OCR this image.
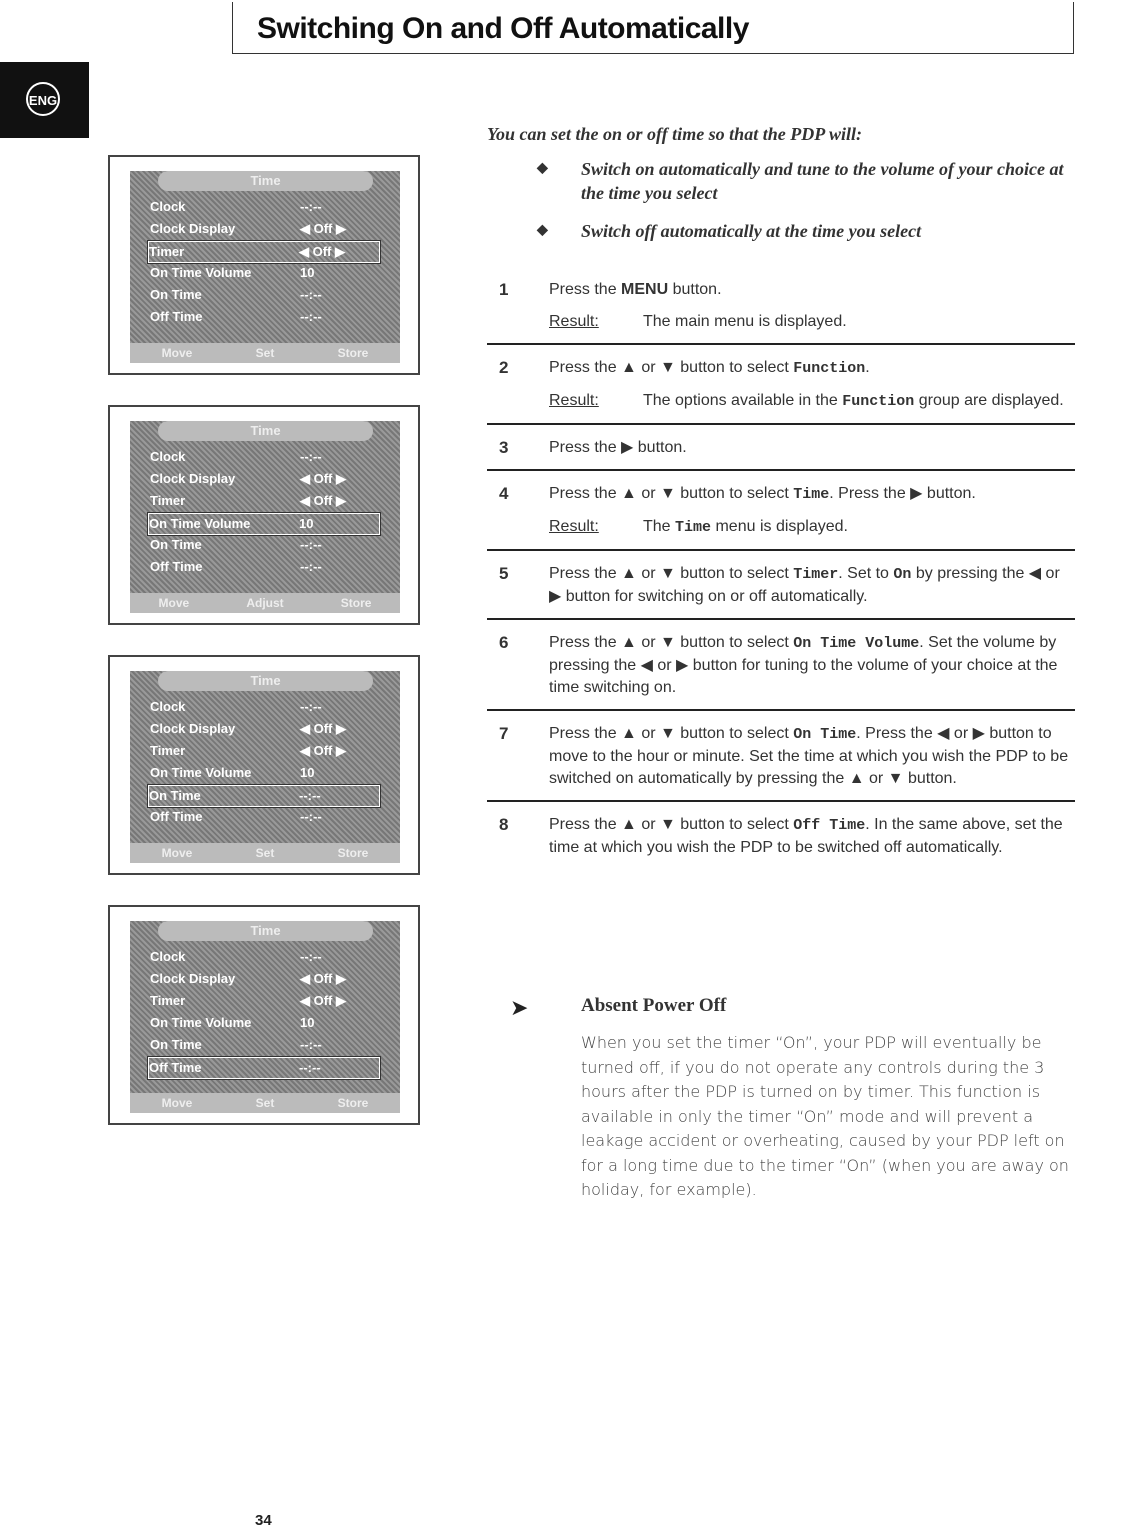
Switching On and Off Automatically
ENG
Time
Clock	--:--
Clock Display	◀ Off ▶
Timer	◀ Off ▶
On Time Volume	10
On Time	--:--
Off Time	--:--
Move	Set	Store
Time
Clock	--:--
Clock Display	◀ Off ▶
Timer	◀ Off ▶
On Time Volume	10
On Time	--:--
Off Time	--:--
Move	Adjust	Store
Time
Clock	--:--
Clock Display	◀ Off ▶
Timer	◀ Off ▶
On Time Volume	10
On Time	--:--
Off Time	--:--
Move	Set	Store
Time
Clock	--:--
Clock Display	◀ Off ▶
Timer	◀ Off ▶
On Time Volume	10
On Time	--:--
Off Time	--:--
Move	Set	Store

You can set the on or off time so that the PDP will:

◆ Switch on automatically and tune to the volume of your choice at the time you select

◆ Switch off automatically at the time you select

1	Press the MENU button.
Result:	The main menu is displayed.
2	Press the ▲ or ▼ button to select Function.
Result:	The options available in the Function group are displayed.
3	Press the ▶ button.
4	Press the ▲ or ▼ button to select Time. Press the ▶ button.
Result:	The Time menu is displayed.
5	Press the ▲ or ▼ button to select Timer. Set to On by pressing the ◀ or ▶ button for switching on or off automatically.
6	Press the ▲ or ▼ button to select On Time Volume. Set the volume by pressing the ◀ or ▶ button for tuning to the volume of your choice at the time switching on.
7	Press the ▲ or ▼ button to select On Time. Press the ◀ or ▶ button to move to the hour or minute. Set the time at which you wish the PDP to be switched on automatically by pressing the ▲ or ▼ button.
8	Press the ▲ or ▼ button to select Off Time. In the same above, set the time at which you wish the PDP to be switched off automatically.
➤	Absent Power Off

When you set the timer “On”, your PDP will eventually be turned off, if you do not operate any controls during the 3 hours after the PDP is turned on by timer. This function is available in only the timer “On” mode and will prevent a leakage accident or overheating, caused by your PDP left on for a long time due to the timer “On” (when you are away on holiday, for example).

34
